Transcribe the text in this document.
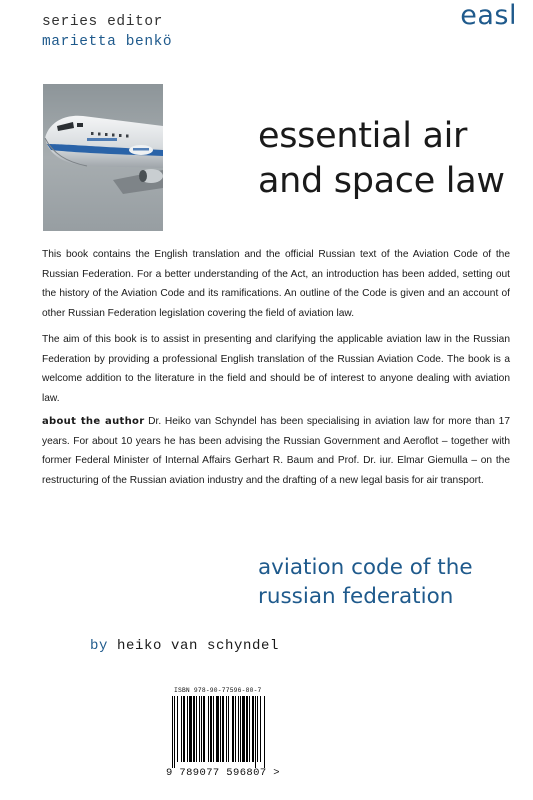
series editor
marietta benkö
easl
essential air
and space law

This book contains the English translation and the official Russian text of the Aviation Code of the Russian Federation. For a better understanding of the Act, an introduction has been added, setting out the history of the Aviation Code and its ramifications. An outline of the Code is given and an account of other Russian Federation legislation covering the field of aviation law.

The aim of this book is to assist in presenting and clarifying the applicable aviation law in the Russian Federation by providing a professional English translation of the Russian Aviation Code. The book is a welcome addition to the literature in the field and should be of interest to anyone dealing with aviation law.

about the author Dr. Heiko van Schyndel has been specialising in aviation law for more than 17 years. For about 10 years he has been advising the Russian Government and Aeroflot – together with former Federal Minister of Internal Affairs Gerhart R. Baum and Prof. Dr. iur. Elmar Giemulla – on the restructuring of the Russian aviation industry and the drafting of a new legal basis for air transport.

aviation code of the
russian federation
by heiko van schyndel
ISBN 978-90-77596-80-7
9 789077 596807 >
